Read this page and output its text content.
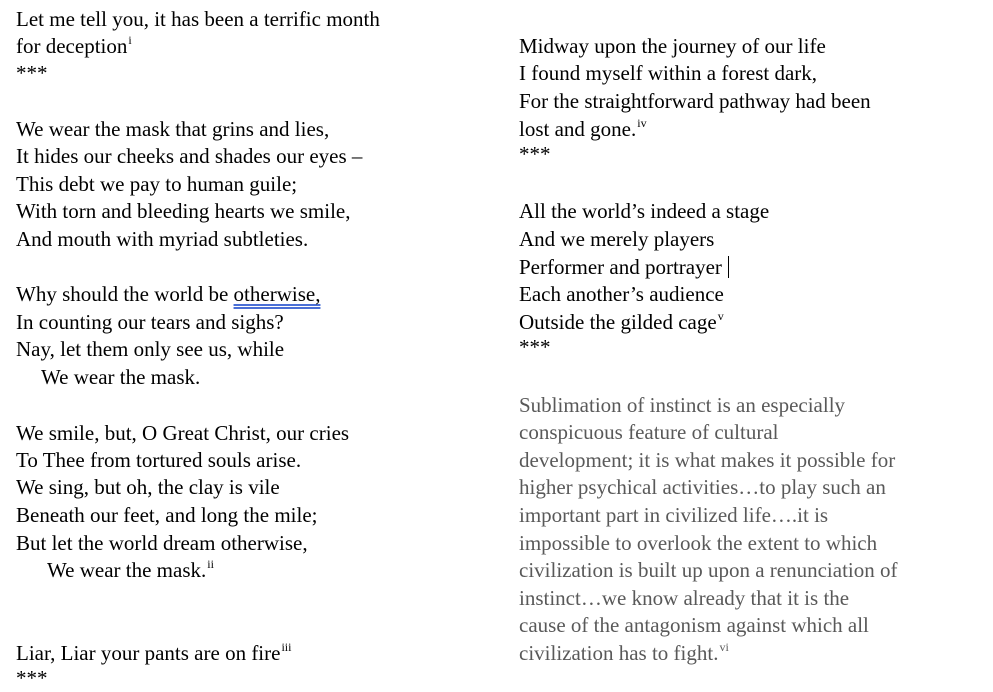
Let me tell you, it has been a terrific month
for deception$^i$
***
We wear the mask that grins and lies,
It hides our cheeks and shades our eyes –
This debt we pay to human guile;
With torn and bleeding hearts we smile,
And mouth with myriad subtleties.
Why should the world be otherwise,
In counting our tears and sighs?
Nay, let them only see us, while
We wear the mask.
We smile, but, O Great Christ, our cries
To Thee from tortured souls arise.
We sing, but oh, the clay is vile
Beneath our feet, and long the mile;
But let the world dream otherwise,
We wear the mask.$^{ii}$
Liar, Liar your pants are on fire$^{iii}$
***
Midway upon the journey of our life
I found myself within a forest dark,
For the straightforward pathway had been
lost and gone.$^{iv}$
***
All the world’s indeed a stage
And we merely players
Performer and portrayer
Each another’s audience
Outside the gilded cage$^v$
***
Sublimation of instinct is an especially
conspicuous feature of cultural
development; it is what makes it possible for
higher psychical activities…to play such an
important part in civilized life….it is
impossible to overlook the extent to which
civilization is built up upon a renunciation of
instinct…we know already that it is the
cause of the antagonism against which all
civilization has to fight.$^{vi}$
